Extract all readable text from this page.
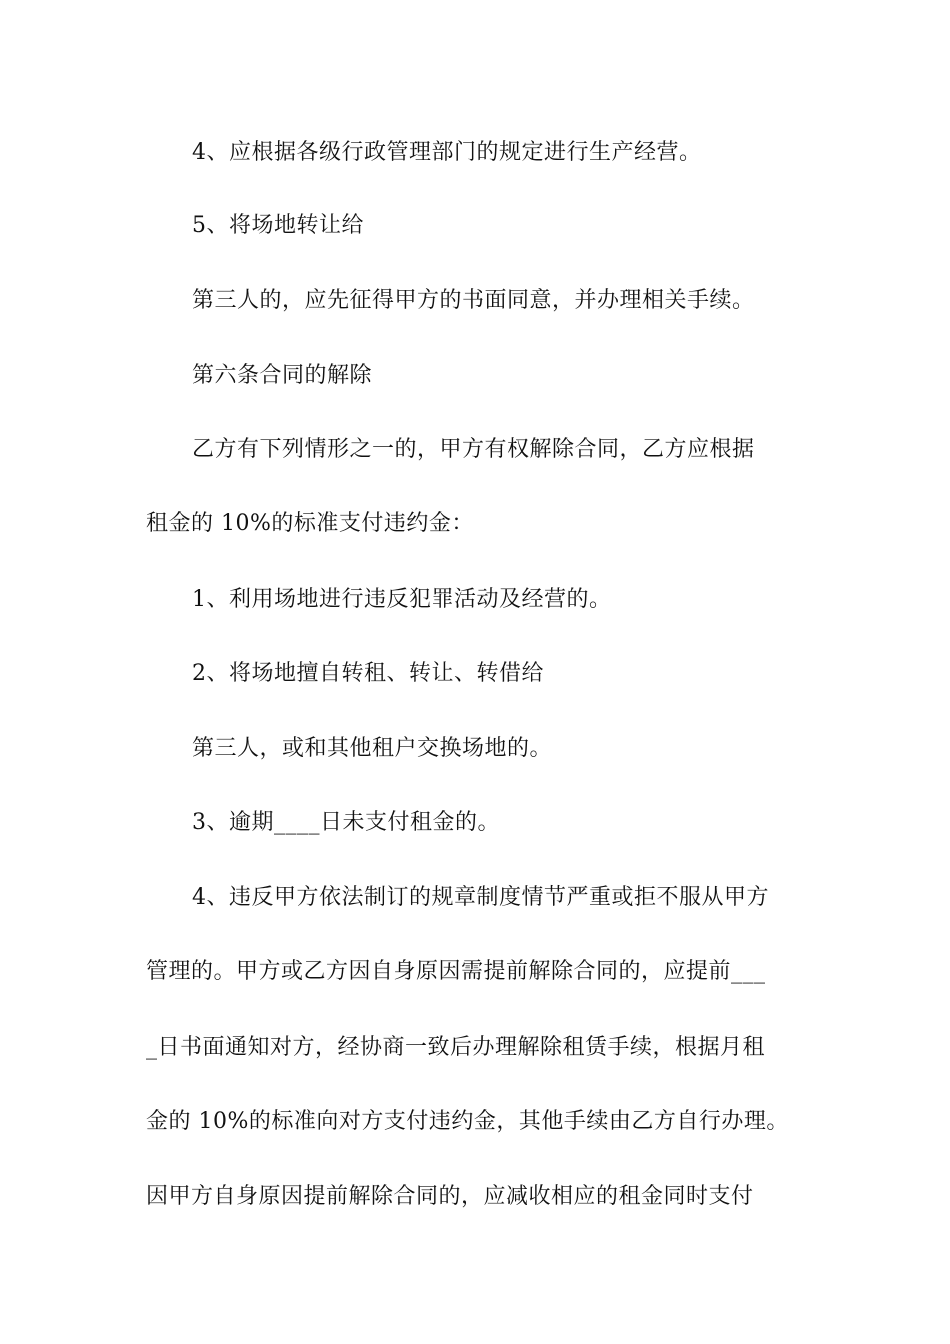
4、应根据各级行政管理部门的规定进行生产经营。

5、将场地转让给

第三人的，应先征得甲方的书面同意，并办理相关手续。

第六条合同的解除

乙方有下列情形之一的，甲方有权解除合同，乙方应根据

租金的 10%的标准支付违约金：

1、利用场地进行违反犯罪活动及经营的。

2、将场地擅自转租、转让、转借给

第三人，或和其他租户交换场地的。

3、逾期____日未支付租金的。

4、违反甲方依法制订的规章制度情节严重或拒不服从甲方

管理的。甲方或乙方因自身原因需提前解除合同的，应提前___

_日书面通知对方，经协商一致后办理解除租赁手续，根据月租

金的 10%的标准向对方支付违约金，其他手续由乙方自行办理。

因甲方自身原因提前解除合同的，应减收相应的租金同时支付
